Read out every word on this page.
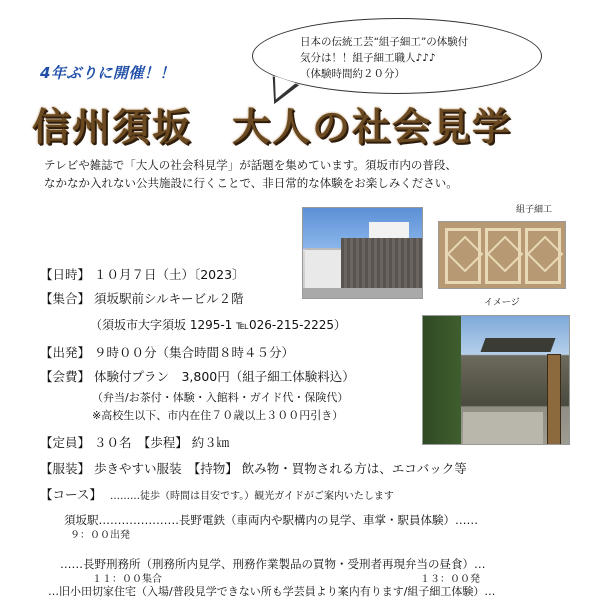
4年ぶりに開催！！
日本の伝統工芸“組子細工”の体験付
気分は！！組子細工職人♪♪♪
（体験時間約２０分）
信州須坂　大人の社会見学
テレビや雑誌で「大人の社会科見学」が話題を集めています。須坂市内の普段、
なかなか入れない公共施設に行くことで、非日常的な体験をお楽しみください。
組子細工
イメージ
【日時】 １０月７日（土）〔2023〕
【集合】 須坂駅前シルキービル２階
（須坂市大字須坂 1295-1 ℡026-215-2225）
【出発】 ９時００分（集合時間８時４５分）
【会費】 体験付プラン　3,800円（組子細工体験料込）
（弁当/お茶付・体験・入館料・ガイド代・保険代）
※高校生以下、市内在住７０歳以上３００円引き）
【定員】 ３０名　【歩程】 約３㎞
【服装】 歩きやすい服装　【持物】 飲み物・買物される方は、エコバック等
【コース】 ………徒歩（時間は目安です。）観光ガイドがご案内いたします
須坂駅…………………長野電鉄（車両内や駅構内の見学、車掌・駅員体験）……
９：００出発
……長野刑務所（刑務所内見学、刑務作業製品の買物・受刑者再現弁当の昼食）…
１１：００集合	１３：００発
…旧小田切家住宅（入場/普段見学できない所も学芸員より案内有ります/組子細工体験）…
